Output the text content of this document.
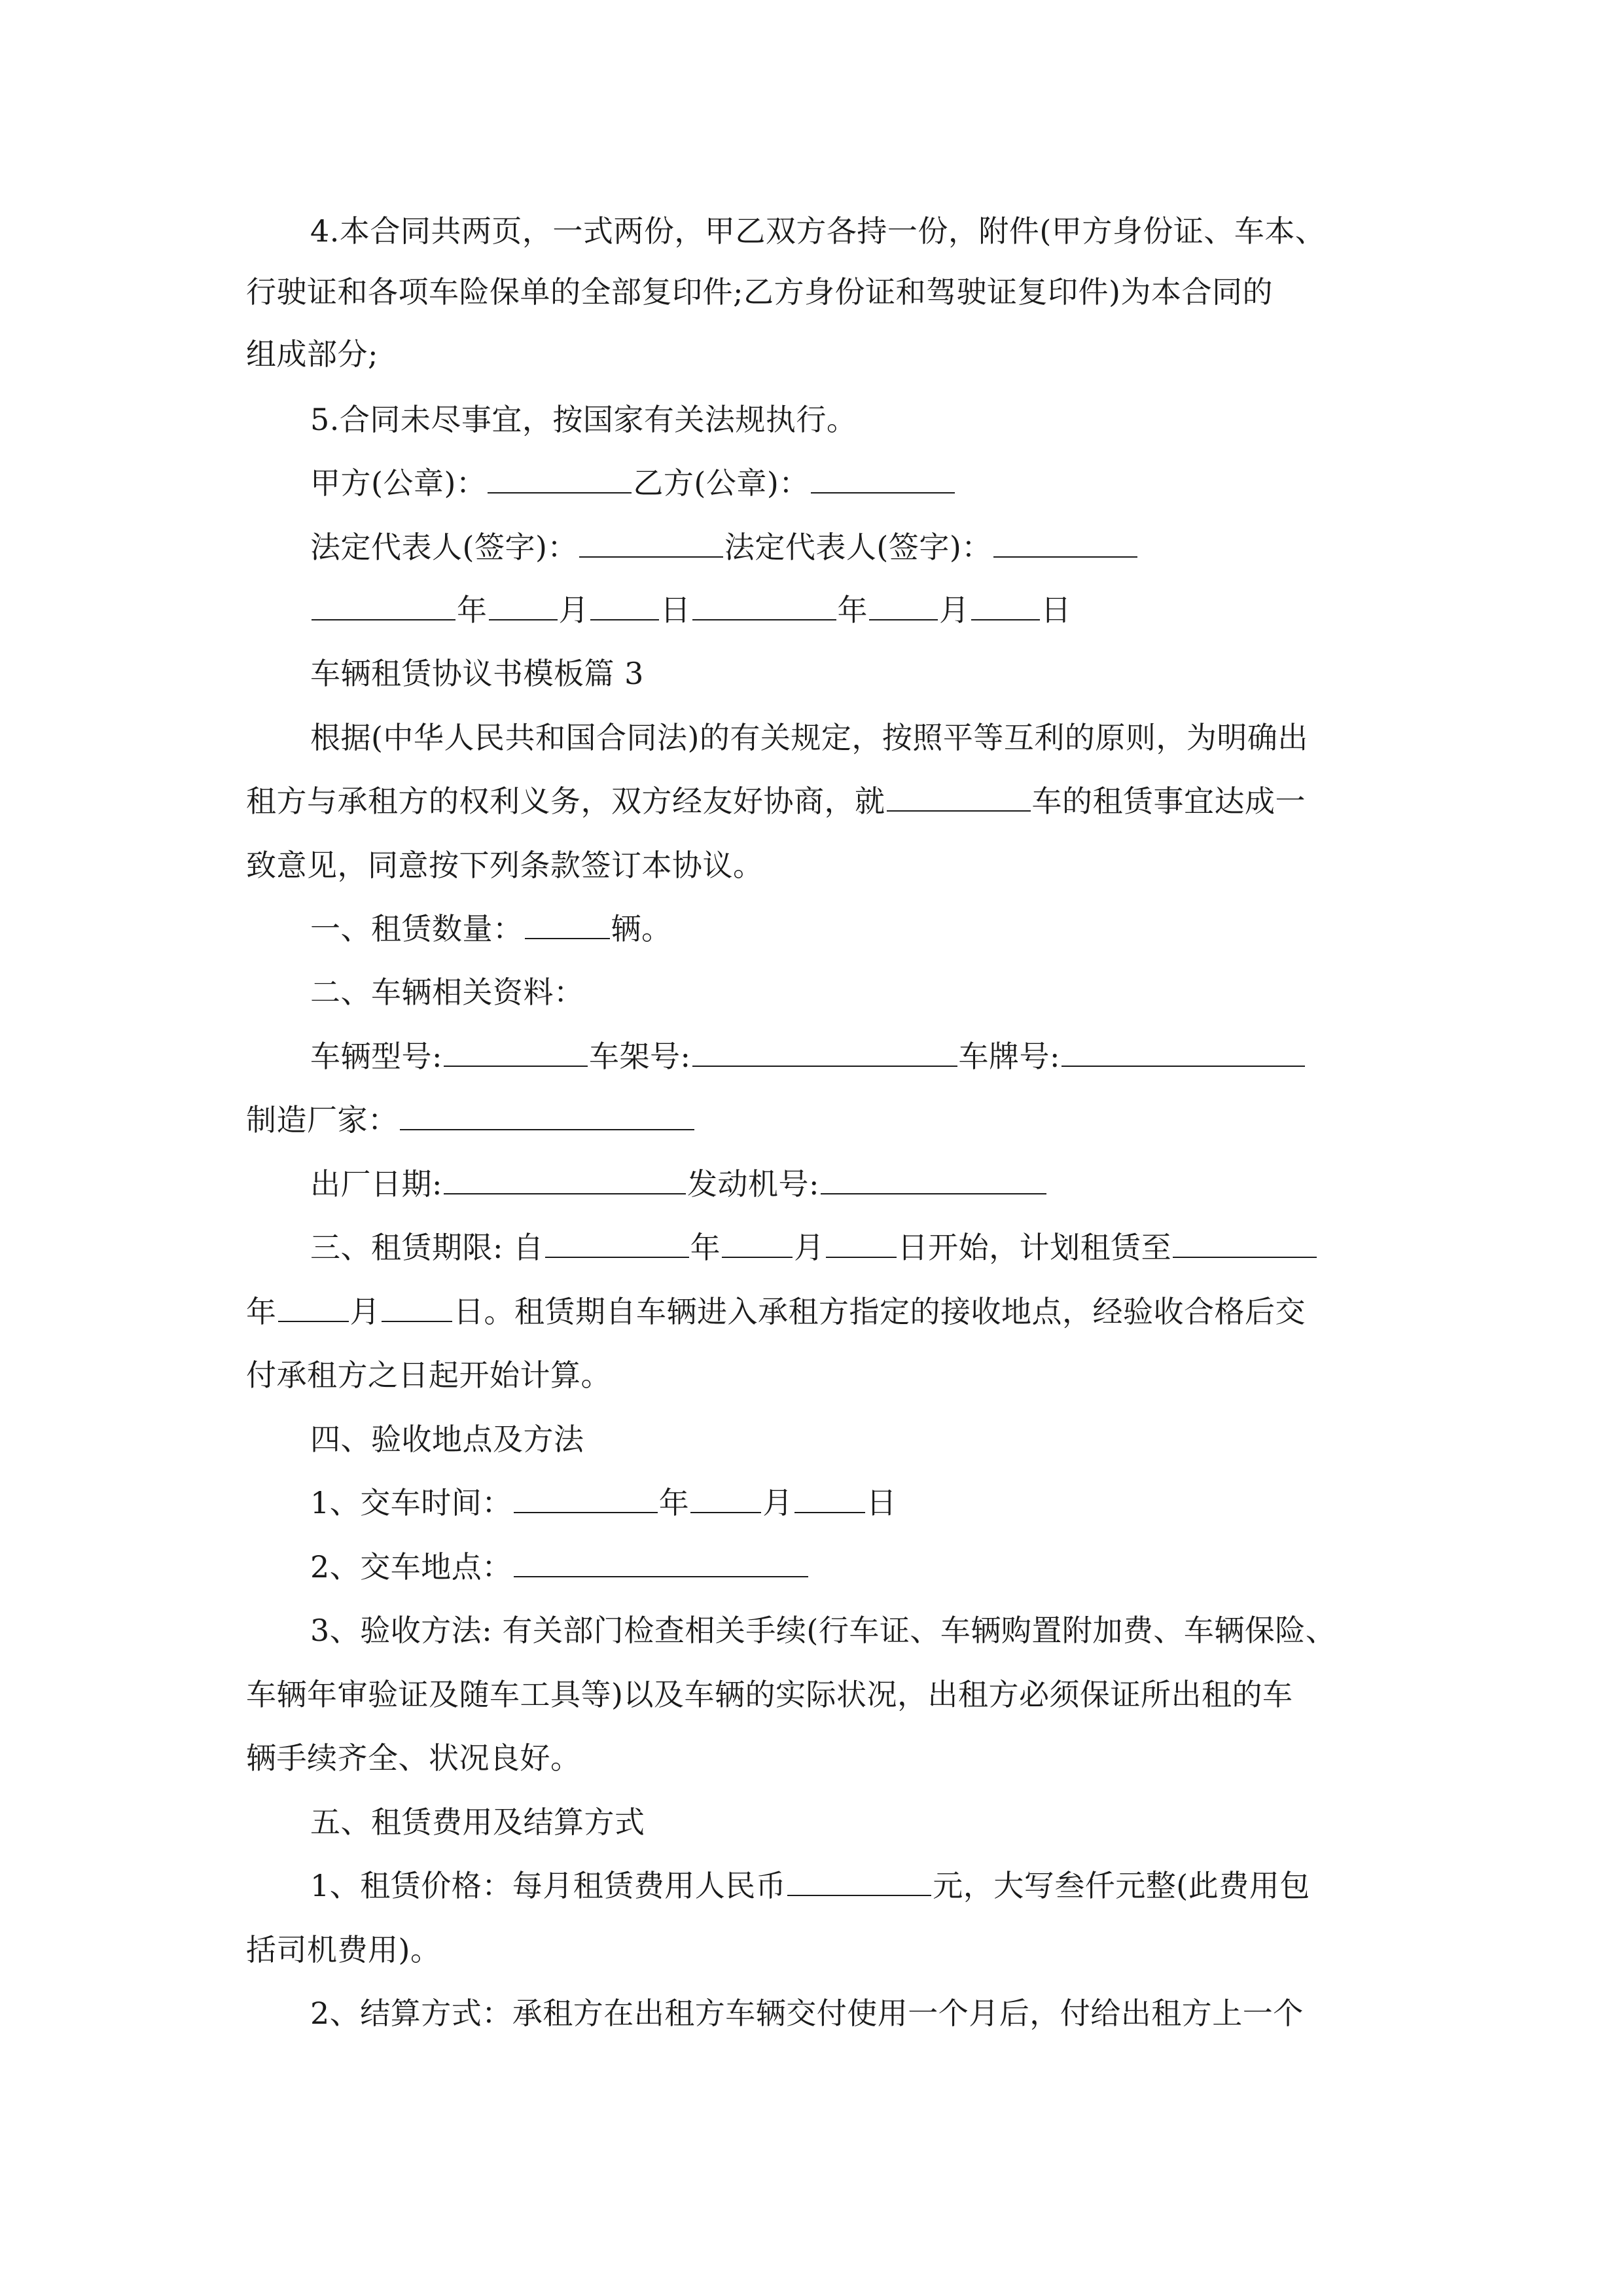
4.本合同共两页，一式两份，甲乙双方各持一份，附件(甲方身份证、车本、
行驶证和各项车险保单的全部复印件;乙方身份证和驾驶证复印件)为本合同的
组成部分;
5.合同未尽事宜，按国家有关法规执行。
甲方(公章)：	乙方(公章)：
法定代表人(签字)：	法定代表人(签字)：
年 月 日	年 月 日
车辆租赁协议书模板篇 3
根据(中华人民共和国合同法)的有关规定，按照平等互利的原则，为明确出
租方与承租方的权利义务，双方经友好协商，就	车的租赁事宜达成一
致意见，同意按下列条款签订本协议。
一、租赁数量：	辆。
二、车辆相关资料：
车辆型号:	车架号:	车牌号:
制造厂家：
出厂日期:	发动机号:
三、租赁期限: 自	年 月 日开始，计划租赁至
年 月 日。租赁期自车辆进入承租方指定的接收地点，经验收合格后交
付承租方之日起开始计算。
四、验收地点及方法
1、交车时间：	年 月 日
2、交车地点：
3、验收方法: 有关部门检查相关手续(行车证、车辆购置附加费、车辆保险、
车辆年审验证及随车工具等)以及车辆的实际状况，出租方必须保证所出租的车
辆手续齐全、状况良好。
五、租赁费用及结算方式
1、租赁价格：每月租赁费用人民币	元，大写叁仟元整(此费用包
括司机费用)。
2、结算方式：承租方在出租方车辆交付使用一个月后，付给出租方上一个
